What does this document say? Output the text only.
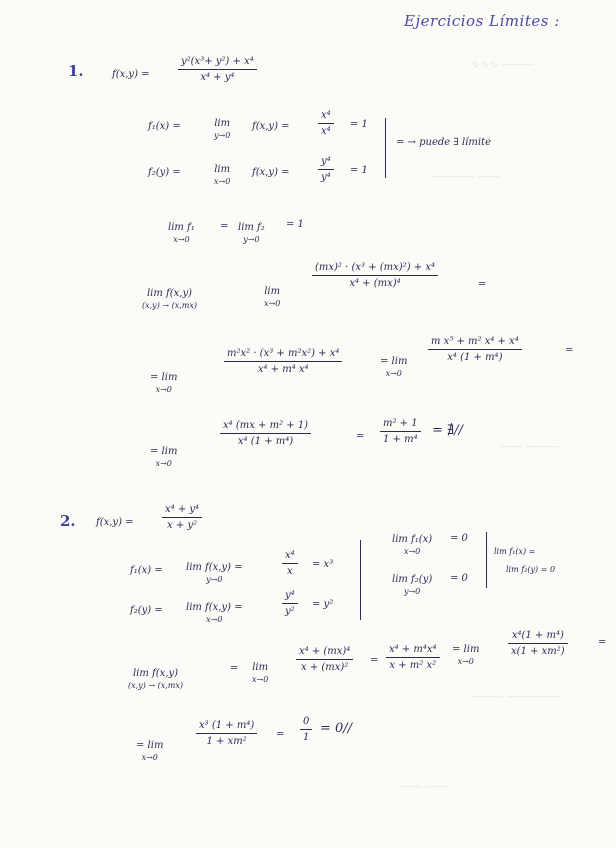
∿∿∿ ———
———— ——
—— ———
——— —————
—— ——
Ejercicios Límites :
1.	f(x,y) =
y²(x³+ y²) + x⁴
x⁴ + y⁴
f₁(x) =	lim
y→0
f(x,y) =
x⁴
x⁴
= 1
f₂(y) =	lim
x→0
f(x,y) =
y⁴
y⁴
= 1
= → puede ∃ límite
lim f₁
x→0
= lim f₂
y→0
= 1
lim f(x,y)
(x,y) → (x,mx)
lim
x→0
(mx)² · (x³ + (mx)²) + x⁴
x⁴ + (mx)⁴	=
= lim
x→0
m²x² · (x³ + m²x²) + x⁴
x⁴ + m⁴ x⁴
= lim
x→0
m x⁵ + m² x⁴ + x⁴
x⁴ (1 + m⁴)
=
= lim
x→0
x⁴ (mx + m² + 1)
x⁴ (1 + m⁴)	=
m² + 1
1 + m⁴
= ∄//
2. f(x,y) =
x⁴ + y⁴
x + y²
f₁(x) = lim f(x,y) =
y→0
x⁴
x
= x³
f₂(y) = lim f(x,y) =
x→0
y⁴
y²
= y²
lim f₁(x)
x→0
= 0
lim f₂(y)
y→0
= 0
lim f₁(x) =
lim f₂(y) = 0
lim f(x,y)
(x,y) → (x,mx)
= lim
x→0
x⁴ + (mx)⁴
x + (mx)²
=
x⁴ + m⁴x⁴
x + m² x²
= lim
x→0
x⁴(1 + m⁴)
x(1 + xm²)
=
= lim
x→0
x³ (1 + m⁴)
1 + xm²
=
0
1
= 0//
